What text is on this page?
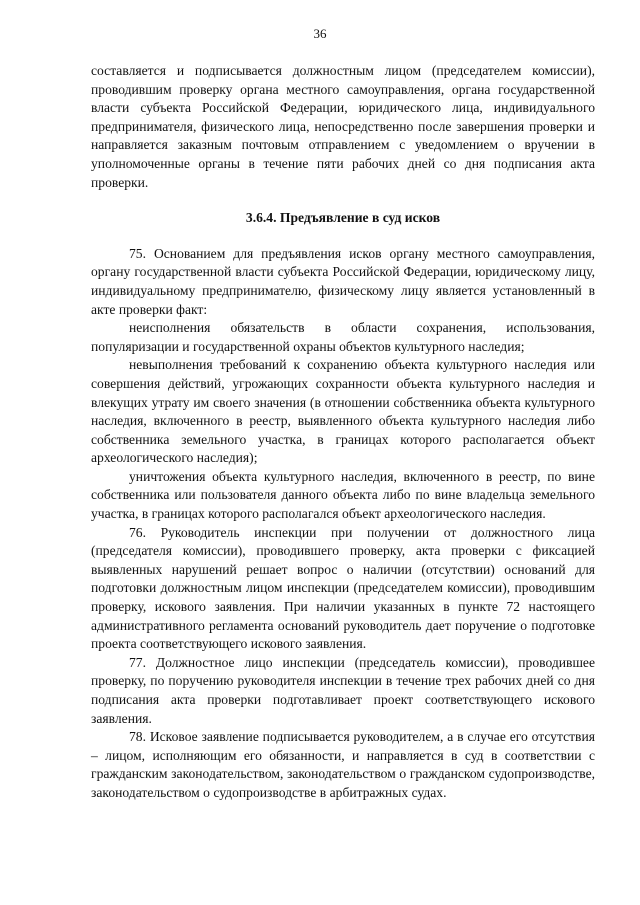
36

составляется и подписывается должностным лицом (председателем комиссии), проводившим проверку органа местного самоуправления, органа государственной власти субъекта Российской Федерации, юридического лица, индивидуального предпринимателя, физического лица, непосредственно после завершения проверки и направляется заказным почтовым отправлением с уведомлением о вручении в уполномоченные органы в течение пяти рабочих дней со дня подписания акта проверки.

3.6.4. Предъявление в суд исков

75. Основанием для предъявления исков органу местного самоуправления, органу государственной власти субъекта Российской Федерации, юридическому лицу, индивидуальному предпринимателю, физическому лицу является установленный в акте проверки факт:

неисполнения обязательств в области сохранения, использования, популяризации и государственной охраны объектов культурного наследия;

невыполнения требований к сохранению объекта культурного наследия или совершения действий, угрожающих сохранности объекта культурного наследия и влекущих утрату им своего значения (в отношении собственника объекта культурного наследия, включенного в реестр, выявленного объекта культурного наследия либо собственника земельного участка, в границах которого располагается объект археологического наследия);

уничтожения объекта культурного наследия, включенного в реестр, по вине собственника или пользователя данного объекта либо по вине владельца земельного участка, в границах которого располагался объект археологического наследия.

76. Руководитель инспекции при получении от должностного лица (председателя комиссии), проводившего проверку, акта проверки с фиксацией выявленных нарушений решает вопрос о наличии (отсутствии) оснований для подготовки должностным лицом инспекции (председателем комиссии), проводившим проверку, искового заявления. При наличии указанных в пункте 72 настоящего административного регламента оснований руководитель дает поручение о подготовке проекта соответствующего искового заявления.

77. Должностное лицо инспекции (председатель комиссии), проводившее проверку, по поручению руководителя инспекции в течение трех рабочих дней со дня подписания акта проверки подготавливает проект соответствующего искового заявления.

78. Исковое заявление подписывается руководителем, а в случае его отсутствия – лицом, исполняющим его обязанности, и направляется в суд в соответствии с гражданским законодательством, законодательством о гражданском судопроизводстве, законодательством о судопроизводстве в арбитражных судах.
